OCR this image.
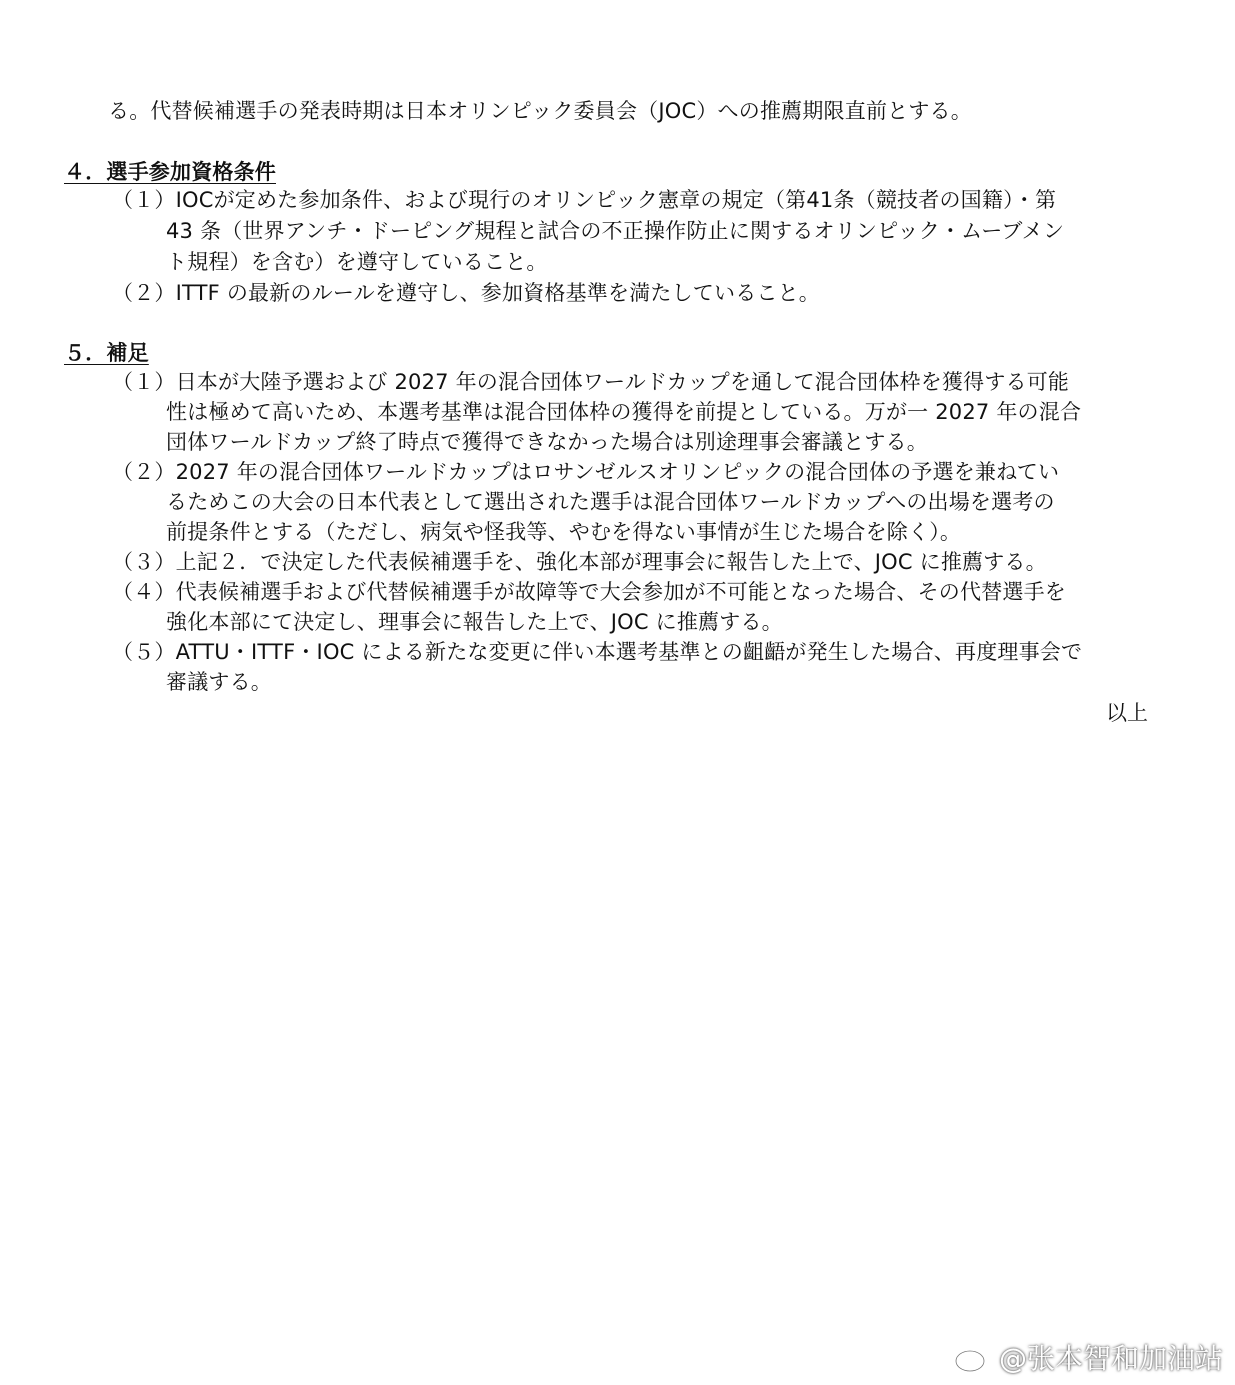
る。代替候補選手の発表時期は日本オリンピック委員会（JOC）への推薦期限直前とする。
４．選手参加資格条件
（１）IOCが定めた参加条件、および現行のオリンピック憲章の規定（第41条（競技者の国籍）・第
43 条（世界アンチ・ドーピング規程と試合の不正操作防止に関するオリンピック・ムーブメン
ト規程）を含む）を遵守していること。
（２）ITTF の最新のルールを遵守し、参加資格基準を満たしていること。
５．補足
（１）日本が大陸予選および 2027 年の混合団体ワールドカップを通して混合団体枠を獲得する可能
性は極めて高いため、本選考基準は混合団体枠の獲得を前提としている。万が一 2027 年の混合
団体ワールドカップ終了時点で獲得できなかった場合は別途理事会審議とする。
（２）2027 年の混合団体ワールドカップはロサンゼルスオリンピックの混合団体の予選を兼ねてい
るためこの大会の日本代表として選出された選手は混合団体ワールドカップへの出場を選考の
前提条件とする（ただし、病気や怪我等、やむを得ない事情が生じた場合を除く）。
（３）上記２．で決定した代表候補選手を、強化本部が理事会に報告した上で、JOC に推薦する。
（４）代表候補選手および代替候補選手が故障等で大会参加が不可能となった場合、その代替選手を
強化本部にて決定し、理事会に報告した上で、JOC に推薦する。
（５）ATTU・ITTF・IOC による新たな変更に伴い本選考基準との齟齬が発生した場合、再度理事会で
審議する。
以上
@张本智和加油站
